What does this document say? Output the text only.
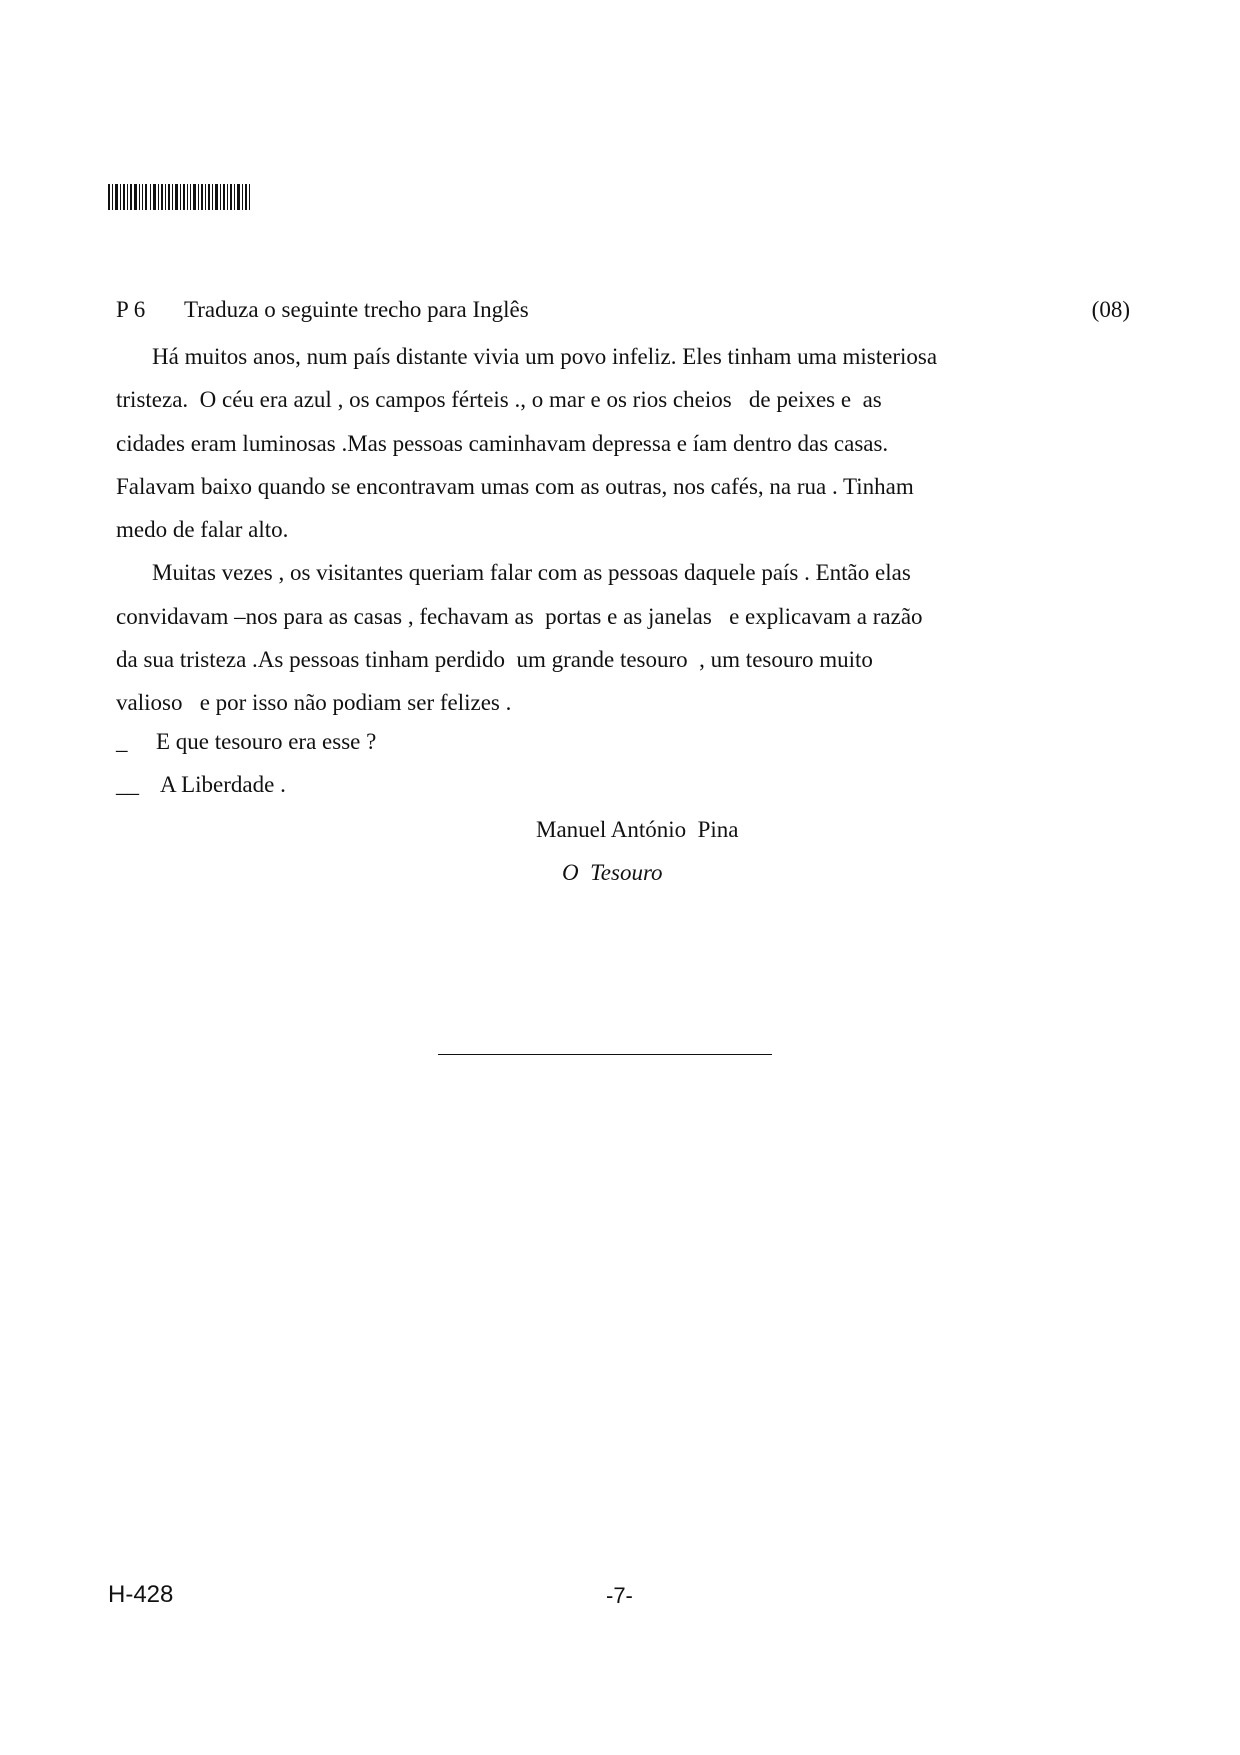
P 6 Traduza o seguinte trecho para Inglês	(08)

Há muitos anos, num país distante vivia um povo infeliz. Eles tinham uma misteriosa
tristeza.  O céu era azul , os campos férteis ., o mar e os rios cheios   de peixes e  as
cidades eram luminosas .Mas pessoas caminhavam depressa e íam dentro das casas.
Falavam baixo quando se encontravam umas com as outras, nos cafés, na rua . Tinham
medo de falar alto.

Muitas vezes , os visitantes queriam falar com as pessoas daquele país . Então elas
convidavam –nos para as casas , fechavam as  portas e as janelas   e explicavam a razão
da sua tristeza .As pessoas tinham perdido  um grande tesouro  , um tesouro muito
valioso   e por isso não podiam ser felizes .

_ E que tesouro era esse ?
__ A Liberdade .
Manuel António  Pina
O  Tesouro
H-428	-7-
